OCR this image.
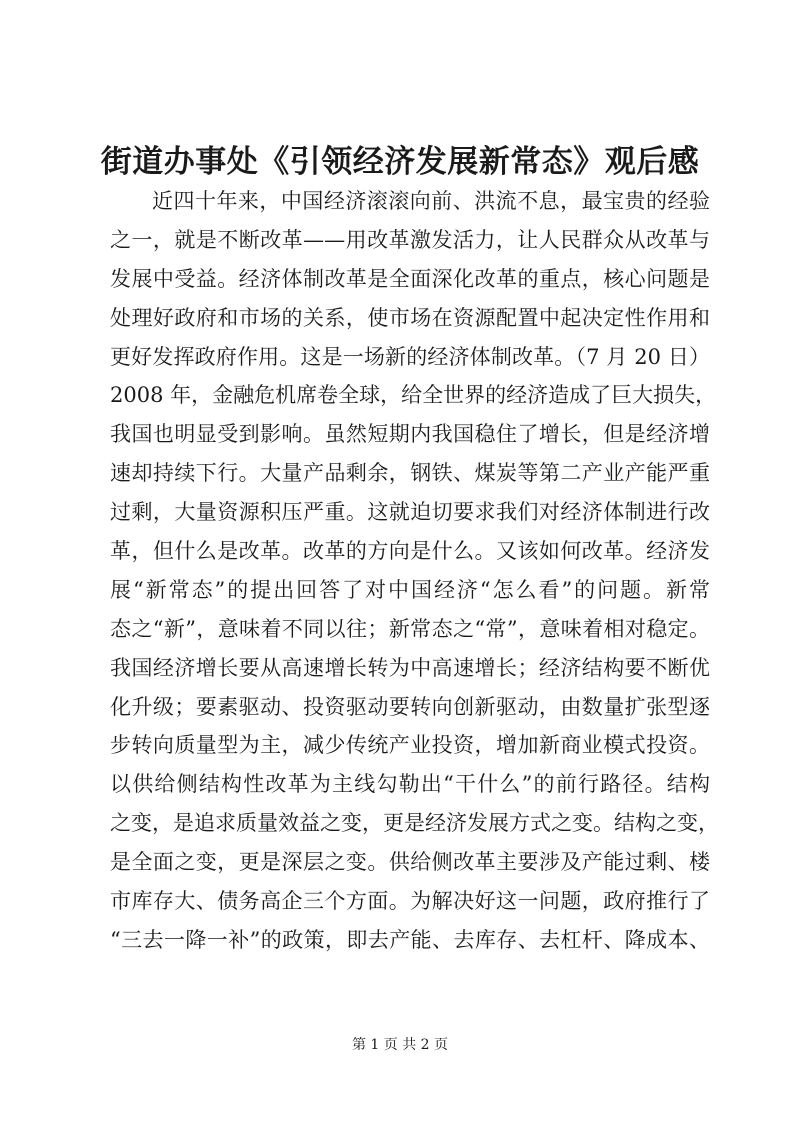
街道办事处《引领经济发展新常态》观后感
近四十年来，中国经济滚滚向前、洪流不息，最宝贵的经验
之一，就是不断改革——用改革激发活力，让人民群众从改革与
发展中受益。经济体制改革是全面深化改革的重点，核心问题是
处理好政府和市场的关系，使市场在资源配置中起决定性作用和
更好发挥政府作用。这是一场新的经济体制改革。（7 月 20 日）
2008 年，金融危机席卷全球，给全世界的经济造成了巨大损失，
我国也明显受到影响。虽然短期内我国稳住了增长，但是经济增
速却持续下行。大量产品剩余，钢铁、煤炭等第二产业产能严重
过剩，大量资源积压严重。这就迫切要求我们对经济体制进行改
革，但什么是改革。改革的方向是什么。又该如何改革。经济发
展“新常态”的提出回答了对中国经济“怎么看”的问题。新常
态之“新”，意味着不同以往；新常态之“常”，意味着相对稳定。
我国经济增长要从高速增长转为中高速增长；经济结构要不断优
化升级；要素驱动、投资驱动要转向创新驱动，由数量扩张型逐
步转向质量型为主，减少传统产业投资，增加新商业模式投资。
以供给侧结构性改革为主线勾勒出“干什么”的前行路径。结构
之变，是追求质量效益之变，更是经济发展方式之变。结构之变，
是全面之变，更是深层之变。供给侧改革主要涉及产能过剩、楼
市库存大、债务高企三个方面。为解决好这一问题，政府推行了
“三去一降一补”的政策，即去产能、去库存、去杠杆、降成本、
第 1 页 共 2 页
